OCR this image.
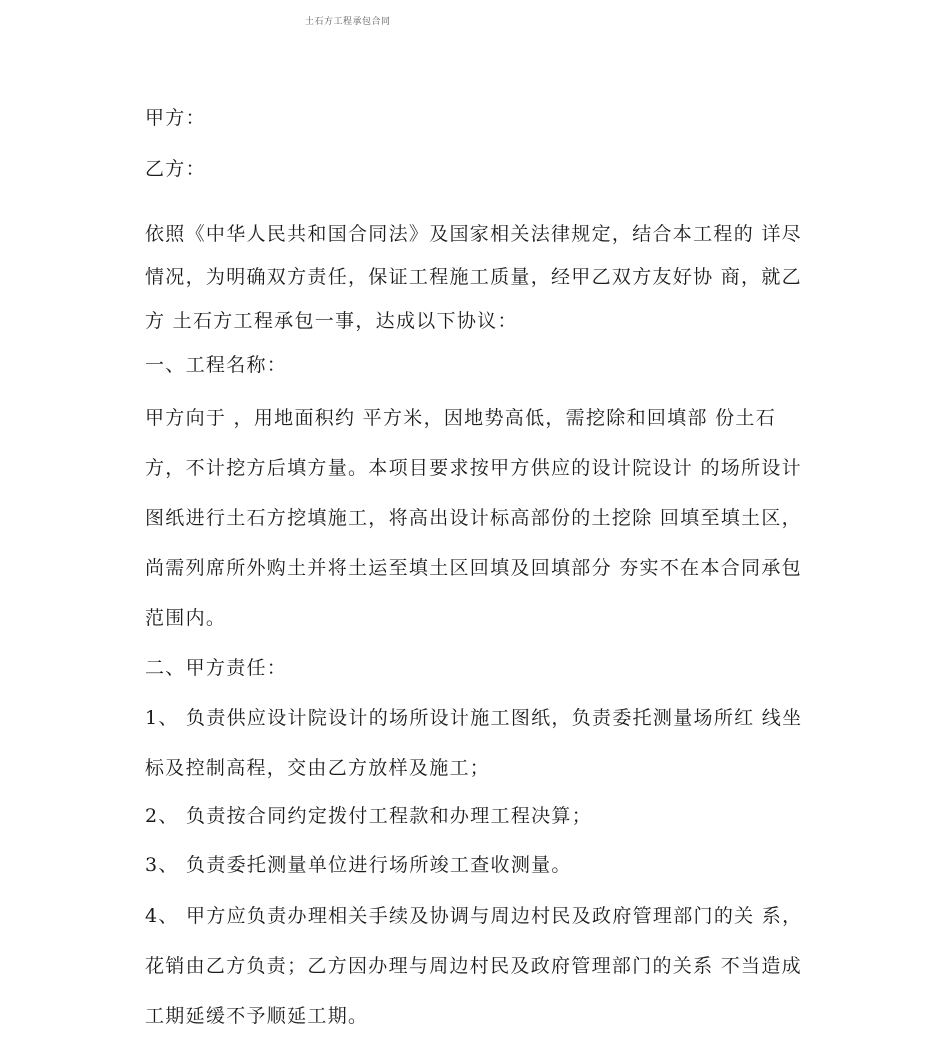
土石方工程承包合同
甲方：
乙方：
依照《中华人民共和国合同法》及国家相关法律规定，结合本工程的 详尽
情况，为明确双方责任，保证工程施工质量，经甲乙双方友好协 商，就乙
方 土石方工程承包一事，达成以下协议：
一、工程名称：
甲方向于 ，用地面积约 平方米，因地势高低，需挖除和回填部 份土石
方，不计挖方后填方量。本项目要求按甲方供应的设计院设计 的场所设计
图纸进行土石方挖填施工，将高出设计标高部份的土挖除 回填至填土区，
尚需列席所外购土并将土运至填土区回填及回填部分 夯实不在本合同承包
范围内。
二、甲方责任：
1、 负责供应设计院设计的场所设计施工图纸，负责委托测量场所红 线坐
标及控制高程，交由乙方放样及施工；
2、 负责按合同约定拨付工程款和办理工程决算；
3、 负责委托测量单位进行场所竣工查收测量。
4、 甲方应负责办理相关手续及协调与周边村民及政府管理部门的关 系，
花销由乙方负责；乙方因办理与周边村民及政府管理部门的关系 不当造成
工期延缓不予顺延工期。
